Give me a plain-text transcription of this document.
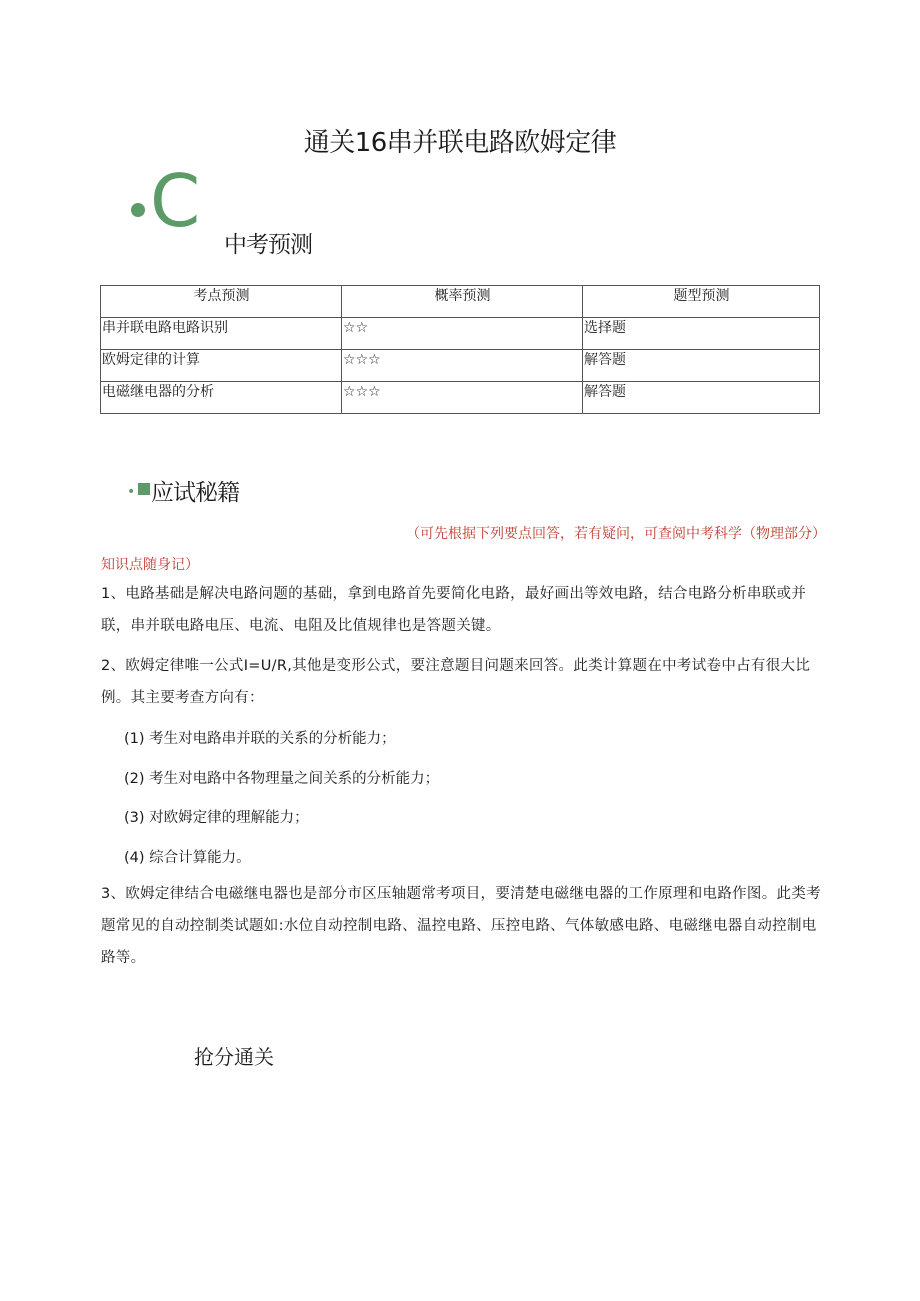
通关16串并联电路欧姆定律
C
中考预测
考点预测	概率预测	题型预测
串并联电路电路识别	☆☆	选择题
欧姆定律的计算	☆☆☆	解答题
电磁继电器的分析	☆☆☆	解答题
• 应试秘籍
（可先根据下列要点回答，若有疑问，可查阅中考科学（物理部分）
知识点随身记）
1、电路基础是解决电路问题的基础，拿到电路首先要简化电路，最好画出等效电路，结合电路分析串联或并联，串并联电路电压、电流、电阻及比值规律也是答题关键。
2、欧姆定律唯一公式I=U/R,其他是变形公式，要注意题目问题来回答。此类计算题在中考试卷中占有很大比例。其主要考查方向有：
(1) 考生对电路串并联的关系的分析能力；
(2) 考生对电路中各物理量之间关系的分析能力；
(3) 对欧姆定律的理解能力；
(4) 综合计算能力。
3、欧姆定律结合电磁继电器也是部分市区压轴题常考项目，要清楚电磁继电器的工作原理和电路作图。此类考题常见的自动控制类试题如:水位自动控制电路、温控电路、压控电路、气体敏感电路、电磁继电器自动控制电路等。
抢分通关
